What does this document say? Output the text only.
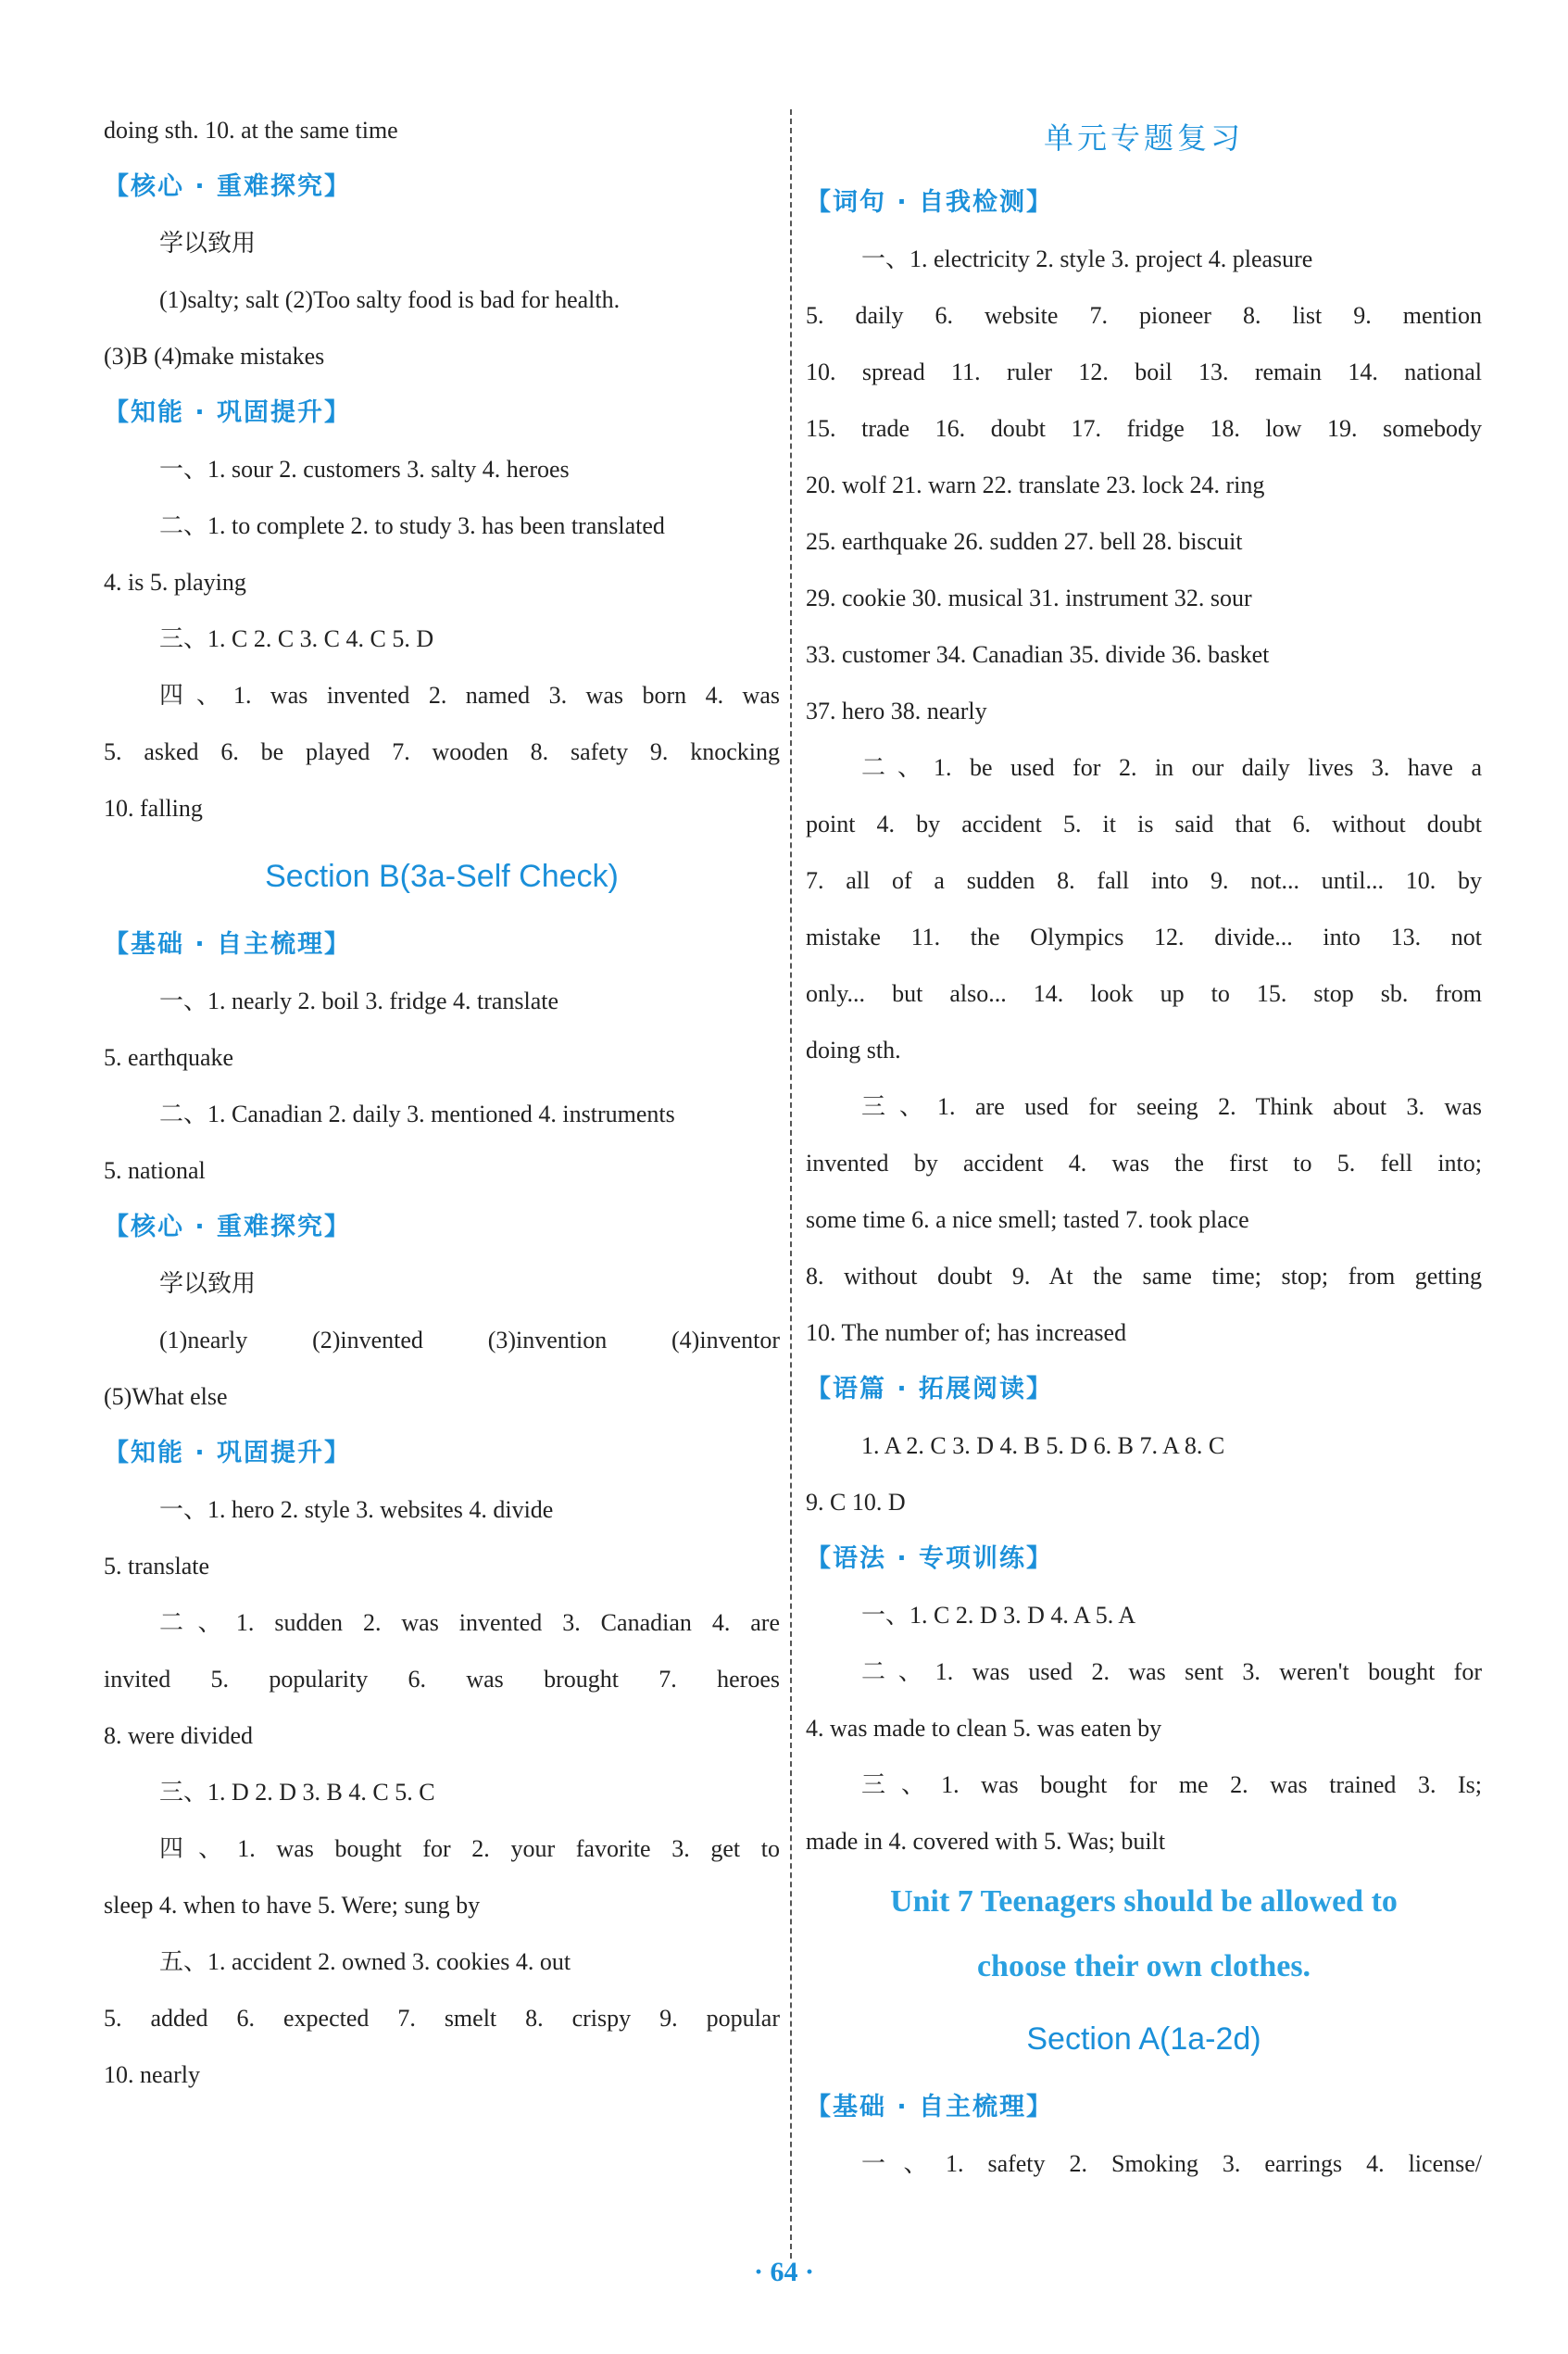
doing sth. 10. at the same time
【核心 · 重难探究】
学以致用
(1)salty; salt (2)Too salty food is bad for health.
(3)B (4)make mistakes
【知能 · 巩固提升】
一、1. sour 2. customers 3. salty 4. heroes
二、1. to complete 2. to study 3. has been translated
4. is 5. playing
三、1. C 2. C 3. C 4. C 5. D
四、1. was invented 2. named 3. was born 4. was
5. asked 6. be played 7. wooden 8. safety 9. knocking
10. falling
Section B(3a-Self Check)
【基础 · 自主梳理】
一、1. nearly 2. boil 3. fridge 4. translate
5. earthquake
二、1. Canadian 2. daily 3. mentioned 4. instruments
5. national
【核心 · 重难探究】
学以致用
(1)nearly (2)invented (3)invention (4)inventor
(5)What else
【知能 · 巩固提升】
一、1. hero 2. style 3. websites 4. divide
5. translate
二、1. sudden 2. was invented 3. Canadian 4. are
invited 5. popularity 6. was brought 7. heroes
8. were divided
三、1. D 2. D 3. B 4. C 5. C
四、1. was bought for 2. your favorite 3. get to
sleep 4. when to have 5. Were; sung by
五、1. accident 2. owned 3. cookies 4. out
5. added 6. expected 7. smelt 8. crispy 9. popular
10. nearly
单元专题复习
【词句 · 自我检测】
一、1. electricity 2. style 3. project 4. pleasure
5. daily 6. website 7. pioneer 8. list 9. mention
10. spread 11. ruler 12. boil 13. remain 14. national
15. trade 16. doubt 17. fridge 18. low 19. somebody
20. wolf 21. warn 22. translate 23. lock 24. ring
25. earthquake 26. sudden 27. bell 28. biscuit
29. cookie 30. musical 31. instrument 32. sour
33. customer 34. Canadian 35. divide 36. basket
37. hero 38. nearly
二、1. be used for 2. in our daily lives 3. have a
point 4. by accident 5. it is said that 6. without doubt
7. all of a sudden 8. fall into 9. not... until... 10. by
mistake 11. the Olympics 12. divide... into 13. not
only... but also... 14. look up to 15. stop sb. from
doing sth.
三、1. are used for seeing 2. Think about 3. was
invented by accident 4. was the first to 5. fell into;
some time 6. a nice smell; tasted 7. took place
8. without doubt 9. At the same time; stop; from getting
10. The number of; has increased
【语篇 · 拓展阅读】
1. A 2. C 3. D 4. B 5. D 6. B 7. A 8. C
9. C 10. D
【语法 · 专项训练】
一、1. C 2. D 3. D 4. A 5. A
二、1. was used 2. was sent 3. weren't bought for
4. was made to clean 5. was eaten by
三、1. was bought for me 2. was trained 3. Is;
made in 4. covered with 5. Was; built
Unit 7 Teenagers should be allowed to
choose their own clothes.
Section A(1a-2d)
【基础 · 自主梳理】
一、1. safety 2. Smoking 3. earrings 4. license/
· 64 ·
